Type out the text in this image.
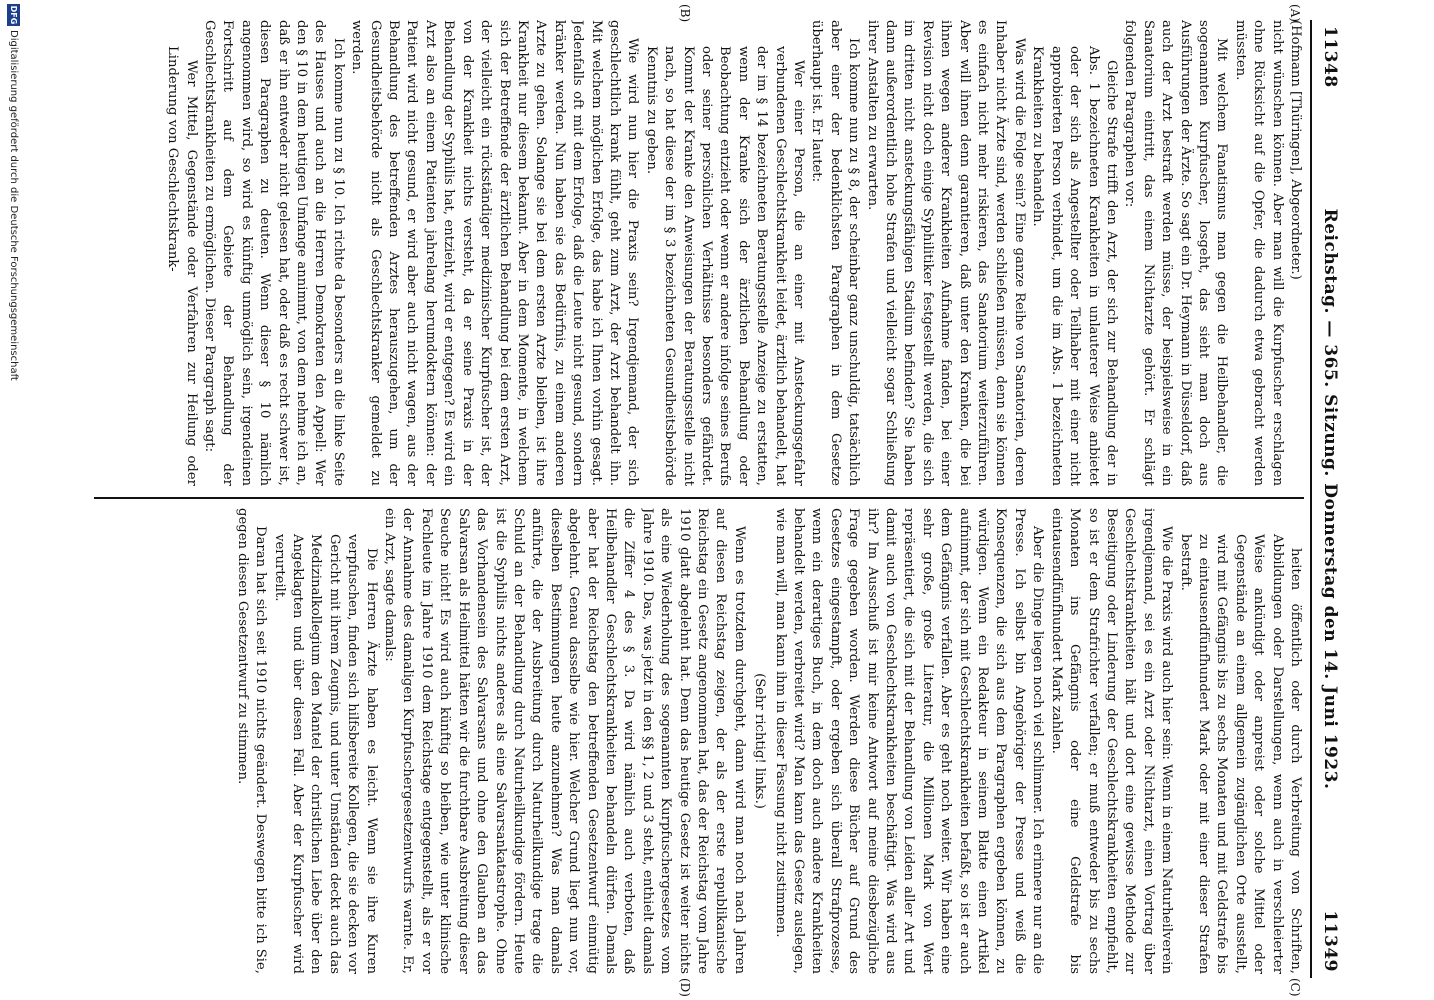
11348
Reichstag. — 365. Sitzung. Donnerstag den 14. Juni 1923.
11349
(A)
(B)
(C)
(D)

(Hofmann [Thüringen], Abgeordneter.)

nicht wünschen können. Aber man will die Kurpfuscher erschlagen ohne Rücksicht auf die Opfer, die dadurch etwa gebracht werden müssten.

Mit welchem Fanatismus man gegen die Heilbehandler, die sogenannten Kurpfuscher, losgeht, das sieht man doch aus Ausführungen der Ärzte. So sagt ein Dr. Heymann in Düsseldorf, daß auch der Arzt bestraft werden müsse, der beispielsweise in ein Sanatorium eintritt, das einem Nichtarzte gehört. Er schlägt folgenden Paragraphen vor:

Gleiche Strafe trifft den Arzt, der sich zur Behandlung der in Abs. 1 bezeichneten Krankheiten in unlauterer Weise anbietet oder der sich als Angestellter oder Teilhaber mit einer nicht approbierten Person verbindet, um die im Abs. 1 bezeichneten Krankheiten zu behandeln.

Was wird die Folge sein? Eine ganze Reihe von Sanatorien, deren Inhaber nicht Ärzte sind, werden schließen müssen, denn sie können es einfach nicht mehr riskieren, das Sanatorium weiterzuführen. Aber will ihnen denn garantieren, daß unter den Kranken, die bei ihnen wegen anderer Krankheiten Aufnahme fanden, bei einer Revision nicht doch einige Syphilitiker festgestellt werden, die sich im dritten nicht ansteckungsfähigen Stadium befinden? Sie haben dann außerordentlich hohe Strafen und vielleicht sogar Schließung ihrer Anstalten zu erwarten.

Ich komme nun zu § 8, der scheinbar ganz unschuldig, tatsächlich aber einer der bedenklichsten Paragraphen in dem Gesetze überhaupt ist. Er lautet:

Wer einer Person, die an einer mit Ansteckungsgefahr verbundenen Geschlechtskrankheit leidet, ärztlich behandelt, hat der im § 14 bezeichneten Beratungsstelle Anzeige zu erstatten, wenn der Kranke sich der ärztlichen Behandlung oder Beobachtung entzieht oder wenn er andere infolge seines Berufs oder seiner persönlichen Verhältnisse besonders gefährdet. Kommt der Kranke den Anweisungen der Beratungsstelle nicht nach, so hat diese der im § 3 bezeichneten Gesundheitsbehörde Kenntnis zu geben.

Wie wird nun hier die Praxis sein? Irgendjemand, der sich geschlechtlich krank fühlt, geht zum Arzt, der Arzt behandelt ihn. Mit welchem möglichen Erfolge, das habe ich Ihnen vorhin gesagt. Jedenfalls oft mit dem Erfolge, daß die Leute nicht gesund, sondern kränker werden. Nun haben sie das Bedürfnis, zu einem anderen Arzte zu gehen. Solange sie bei dem ersten Arzte bleiben, ist ihre Krankheit nur diesem bekannt. Aber in dem Momente, in welchem sich der Betreffende der ärztlichen Behandlung bei dem ersten Arzt, der vielleicht ein rückständiger medizinischer Kurpfuscher ist, der von der Krankheit nichts versteht, da er seine Praxis in der Behandlung der Syphilis hat, entzieht, wird er entgegen? Es wird ein Arzt also an einem Patienten jahrelang herumdoktern können: der Patient wird nicht gesund, er wird aber auch nicht wagen, aus der Behandlung des betreffenden Arztes herauszugehen, um der Gesundheitsbehörde nicht als Geschlechtskranker gemeldet zu werden.

Ich komme nun zu § 10. Ich richte da besonders an die linke Seite des Hauses und auch an die Herren Demokraten den Appell: Wer den § 10 in dem heutigen Umfange annimmt, von dem nehme ich an, daß er ihn entweder nicht gelesen hat, oder daß es recht schwer ist, diesen Paragraphen zu deuten. Wenn dieser § 10 nämlich angenommen wird, so wird es künftig unmöglich sein, irgendeinen Fortschritt auf dem Gebiete der Behandlung der Geschlechtskrankheiten zu ermöglichen. Dieser Paragraph sagt:

Wer Mittel, Gegenstände oder Verfahren zur Heilung oder Linderung von Geschlechtskrank-

heiten öffentlich oder durch Verbreitung von Schriften, Abbildungen oder Darstellungen, wenn auch in verschleierter Weise ankündigt oder anpreist oder solche Mittel oder Gegenstände an einem allgemein zugänglichen Orte ausstellt, wird mit Gefängnis bis zu sechs Monaten und mit Geldstrafe bis zu eintausendfünfhundert Mark oder mit einer dieser Strafen bestraft.

Wie die Praxis wird auch hier sein: Wenn in einem Naturheilverein irgendjemand, sei es ein Arzt oder Nichtarzt, einen Vortrag über Geschlechtskrankheiten hält und dort eine gewisse Methode zur Beseitigung oder Linderung der Geschlechtskrankheiten empfiehlt, so ist er dem Strafrichter verfallen; er muß entweder bis zu sechs Monaten ins Gefängnis oder eine Geldstrafe bis eintausendfünfhundert Mark zahlen.

Aber die Dinge liegen noch viel schlimmer. Ich erinnere nur an die Presse. Ich selbst bin Angehöriger der Presse und weiß die Konsequenzen, die sich aus dem Paragraphen ergeben können, zu würdigen. Wenn ein Redakteur in seinem Blatte einen Artikel aufnimmt, der sich mit Geschlechtskrankheiten befaßt, so ist er auch dem Gefängnis verfallen. Aber es geht noch weiter. Wir haben eine sehr große, große Literatur, die Millionen Mark von Wert repräsentiert, die sich mit der Behandlung von Leiden aller Art und damit auch von Geschlechtskrankheiten beschäftigt. Was wird aus ihr? Im Ausschuß ist mir keine Antwort auf meine diesbezügliche Frage gegeben worden. Werden diese Bücher auf Grund des Gesetzes eingestampft, oder ergeben sich überall Strafprozesse, wenn ein derartiges Buch, in dem doch auch andere Krankheiten behandelt werden, verbreitet wird? Man kann das Gesetz auslegen, wie man will, man kann ihm in dieser Fassung nicht zustimmen.

(Sehr richtig! links.)

Wenn es trotzdem durchgeht, dann wird man noch nach Jahren auf diesen Reichstag zeigen, der als der erste republikanische Reichstag ein Gesetz angenommen hat, das der Reichstag vom Jahre 1910 glatt abgelehnt hat. Denn das heutige Gesetz ist weiter nichts als eine Wiederholung des sogenannten Kurpfuschergesetzes vom Jahre 1910. Das, was jetzt in den §§ 1, 2 und 3 steht, enthielt damals die Ziffer 4 des § 3. Da wird nämlich auch verboten, daß Heilbehandler Geschlechtskrankheiten behandeln dürfen. Damals aber hat der Reichstag den betreffenden Gesetzentwurf einmütig abgelehnt. Genau dasselbe wie hier. Welcher Grund liegt nun vor, dieselben Bestimmungen heute anzunehmen? Was man damals anführte, die der Ausbreitung durch Naturheilkundige trage die Schuld an der Behandlung durch Naturheilkundige fördern. Heute ist die Syphilis nichts anderes als eine Salvarsankatastrophe. Ohne das Vorhandensein des Salvarsans und ohne den Glauben an das Salvarsan als Heilmittel hätten wir die furchtbare Ausbreitung dieser Seuche nicht! Es wird auch künftig so bleiben, wie unter klinische Fachleute im Jahre 1910 dem Reichstage entgegenstellt, als er vor der Annahme des damaligen Kurpfuschergesetzentwurfs warnte. Er, ein Arzt, sagte damals:

Die Herren Ärzte haben es leicht. Wenn sie ihre Kuren verpfuschen, finden sich hilfsbereite Kollegen, die sie decken vor Gericht mit ihrem Zeugnis, und unter Umständen deckt auch das Medizinalkollegium den Mantel der christlichen Liebe über den Angeklagten und über diesen Fall. Aber der Kurpfuscher wird verurteilt.

Daran hat sich seit 1910 nichts geändert. Deswegen bitte ich Sie, gegen diesen Gesetzentwurf zu stimmen.

DFG
Digitalisierung gefördert durch die Deutsche Forschungsgemeinschaft
